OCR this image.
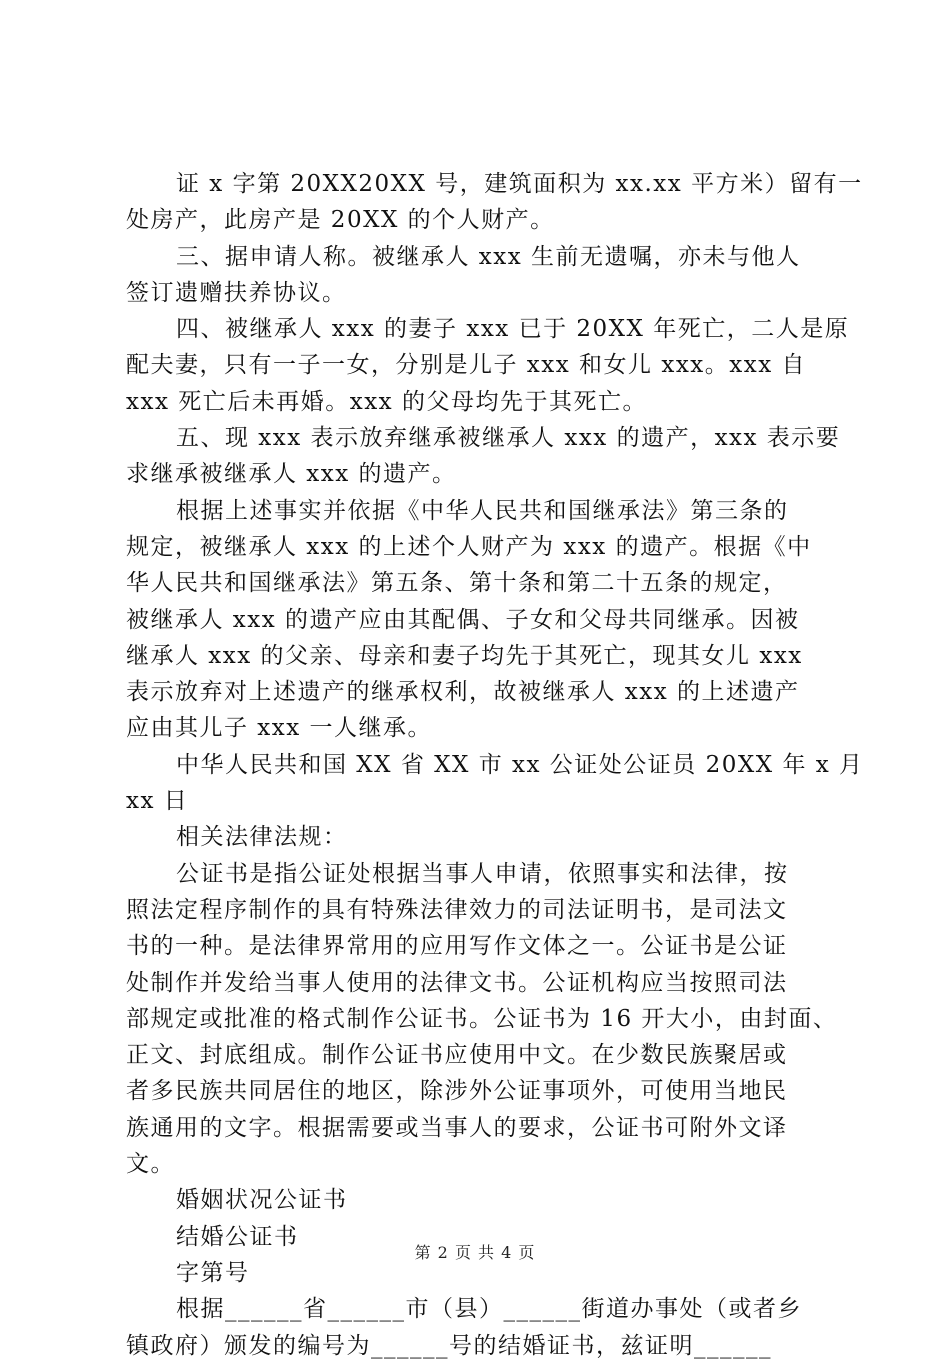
证 x 字第 20XX20XX 号，建筑面积为 xx.xx 平方米）留有一
处房产，此房产是 20XX 的个人财产。
三、据申请人称。被继承人 xxx 生前无遗嘱，亦未与他人
签订遗赠扶养协议。
四、被继承人 xxx 的妻子 xxx 已于 20XX 年死亡，二人是原
配夫妻，只有一子一女，分别是儿子 xxx 和女儿 xxx。xxx 自
xxx 死亡后未再婚。xxx 的父母均先于其死亡。
五、现 xxx 表示放弃继承被继承人 xxx 的遗产，xxx 表示要
求继承被继承人 xxx 的遗产。
根据上述事实并依据《中华人民共和国继承法》第三条的
规定，被继承人 xxx 的上述个人财产为 xxx 的遗产。根据《中
华人民共和国继承法》第五条、第十条和第二十五条的规定，
被继承人 xxx 的遗产应由其配偶、子女和父母共同继承。因被
继承人 xxx 的父亲、母亲和妻子均先于其死亡，现其女儿 xxx
表示放弃对上述遗产的继承权利，故被继承人 xxx 的上述遗产
应由其儿子 xxx 一人继承。
中华人民共和国 XX 省 XX 市 xx 公证处公证员 20XX 年 x 月
xx 日
相关法律法规：
公证书是指公证处根据当事人申请，依照事实和法律，按
照法定程序制作的具有特殊法律效力的司法证明书，是司法文
书的一种。是法律界常用的应用写作文体之一。公证书是公证
处制作并发给当事人使用的法律文书。公证机构应当按照司法
部规定或批准的格式制作公证书。公证书为 16 开大小，由封面、
正文、封底组成。制作公证书应使用中文。在少数民族聚居或
者多民族共同居住的地区，除涉外公证事项外，可使用当地民
族通用的文字。根据需要或当事人的要求，公证书可附外文译
文。
婚姻状况公证书
结婚公证书
字第号
根据______省______市（县）______街道办事处（或者乡
镇政府）颁发的编号为______号的结婚证书，兹证明______
第 2 页 共 4 页
